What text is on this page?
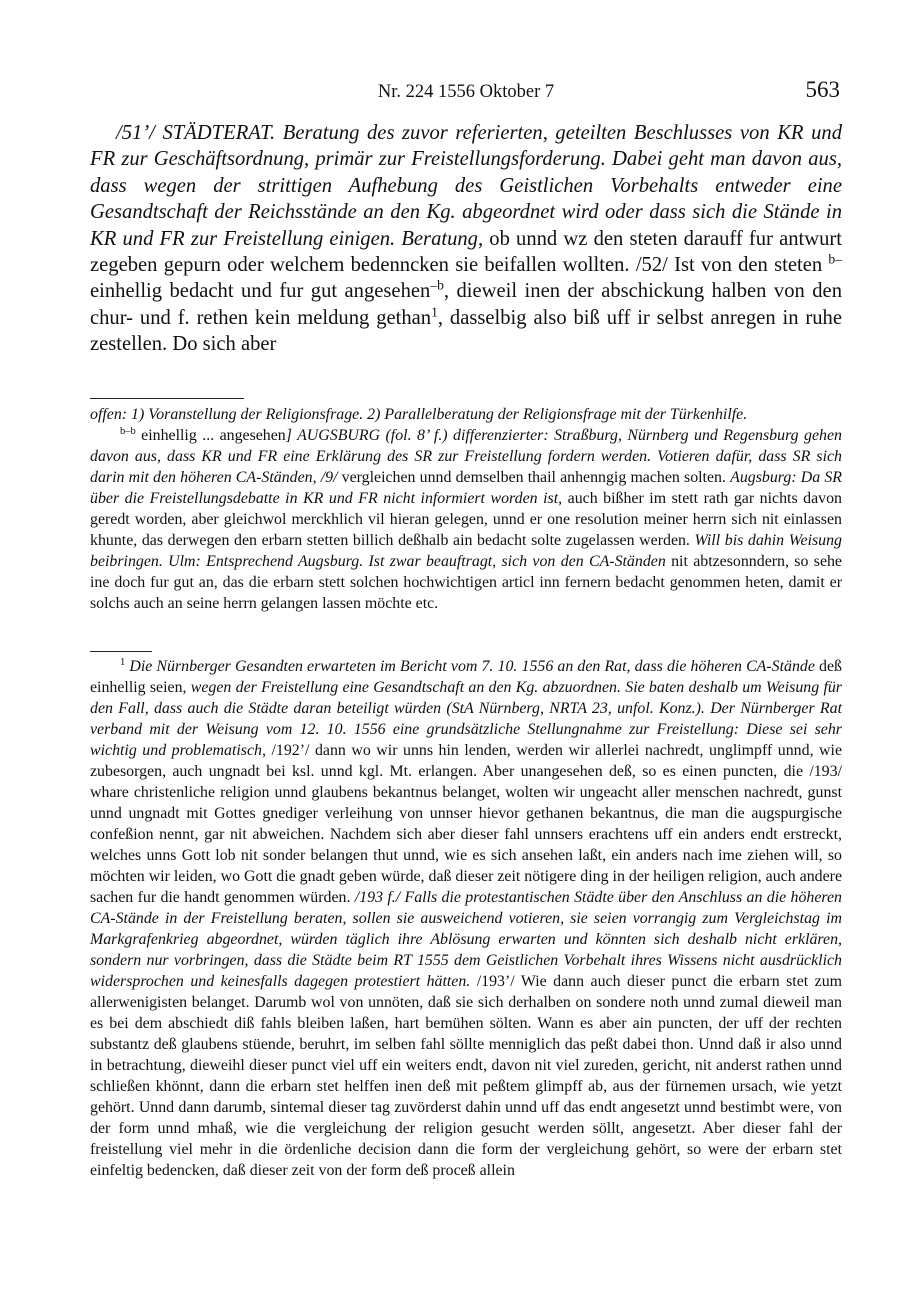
Nr. 224 1556 Oktober 7	563

/51’/ STÄDTERAT. Beratung des zuvor referierten, geteilten Beschlusses von KR und FR zur Geschäftsordnung, primär zur Freistellungsforderung. Dabei geht man davon aus, dass wegen der strittigen Aufhebung des Geistlichen Vorbehalts entweder eine Gesandtschaft der Reichsstände an den Kg. abgeordnet wird oder dass sich die Stände in KR und FR zur Freistellung einigen. Beratung, ob unnd wz den steten darauff fur antwurt zegeben gepurn oder welchem bedenncken sie beifallen wollten. /52/ Ist von den steten $^{b-}$einhellig bedacht und fur gut angesehen$^{-b}$, dieweil inen der abschickung halben von den chur- und f. rethen kein meldung gethan$^1$, dasselbig also biß uff ir selbst anregen in ruhe zestellen. Do sich aber

offen: 1) Voranstellung der Religionsfrage. 2) Parallelberatung der Religionsfrage mit der Türkenhilfe.
$^{b-b}$ einhellig ... angesehen] AUGSBURG (fol. 8’ f.) differenzierter: Straßburg, Nürnberg und Regensburg gehen davon aus, dass KR und FR eine Erklärung des SR zur Freistellung fordern werden. Votieren dafür, dass SR sich darin mit den höheren CA-Ständen, /9/ vergleichen unnd demselben thail anhenngig machen solten. Augsburg: Da SR über die Freistellungsdebatte in KR und FR nicht informiert worden ist, auch bißher im stett rath gar nichts davon geredt worden, aber gleichwol merckhlich vil hieran gelegen, unnd er one resolution meiner herrn sich nit einlassen khunte, das derwegen den erbarn stetten billich deßhalb ain bedacht solte zugelassen werden. Will bis dahin Weisung beibringen. Ulm: Entsprechend Augsburg. Ist zwar beauftragt, sich von den CA-Ständen nit abtzesonndern, so sehe ine doch fur gut an, das die erbarn stett solchen hochwichtigen articl inn fernern bedacht genommen heten, damit er solchs auch an seine herrn gelangen lassen möchte etc.

$^1$ Die Nürnberger Gesandten erwarteten im Bericht vom 7. 10. 1556 an den Rat, dass die höheren CA-Stände deß einhellig seien, wegen der Freistellung eine Gesandtschaft an den Kg. abzuordnen. Sie baten deshalb um Weisung für den Fall, dass auch die Städte daran beteiligt würden (StA Nürnberg, NRTA 23, unfol. Konz.). Der Nürnberger Rat verband mit der Weisung vom 12. 10. 1556 eine grundsätzliche Stellungnahme zur Freistellung: Diese sei sehr wichtig und problematisch, /192’/ dann wo wir unns hin lenden, werden wir allerlei nachredt, unglimpff unnd, wie zubesorgen, auch ungnadt bei ksl. unnd kgl. Mt. erlangen. Aber unangesehen deß, so es einen puncten, die /193/ whare christenliche religion unnd glaubens bekantnus belanget, wolten wir ungeacht aller menschen nachredt, gunst unnd ungnadt mit Gottes gnediger verleihung von unnser hievor gethanen bekantnus, die man die augspurgische confeßion nennt, gar nit abweichen. Nachdem sich aber dieser fahl unnsers erachtens uff ein anders endt erstreckt, welches unns Gott lob nit sonder belangen thut unnd, wie es sich ansehen laßt, ein anders nach ime ziehen will, so möchten wir leiden, wo Gott die gnadt geben würde, daß dieser zeit nötigere ding in der heiligen religion, auch andere sachen fur die handt genommen würden. /193 f./ Falls die protestantischen Städte über den Anschluss an die höheren CA-Stände in der Freistellung beraten, sollen sie ausweichend votieren, sie seien vorrangig zum Vergleichstag im Markgrafenkrieg abgeordnet, würden täglich ihre Ablösung erwarten und könnten sich deshalb nicht erklären, sondern nur vorbringen, dass die Städte beim RT 1555 dem Geistlichen Vorbehalt ihres Wissens nicht ausdrücklich widersprochen und keinesfalls dagegen protestiert hätten. /193’/ Wie dann auch dieser punct die erbarn stet zum allerwenigisten belanget. Darumb wol von unnöten, daß sie sich derhalben on sondere noth unnd zumal dieweil man es bei dem abschiedt diß fahls bleiben laßen, hart bemühen sölten. Wann es aber ain puncten, der uff der rechten substantz deß glaubens stüende, beruhrt, im selben fahl söllte menniglich das peßt dabei thon. Unnd daß ir also unnd in betrachtung, dieweihl dieser punct viel uff ein weiters endt, davon nit viel zureden, gericht, nit anderst rathen unnd schließen khönnt, dann die erbarn stet helffen inen deß mit peßtem glimpff ab, aus der fürnemen ursach, wie yetzt gehört. Unnd dann darumb, sintemal dieser tag zuvörderst dahin unnd uff das endt angesetzt unnd bestimbt were, von der form unnd mhaß, wie die vergleichung der religion gesucht werden söllt, angesetzt. Aber dieser fahl der freistellung viel mehr in die ördenliche decision dann die form der vergleichung gehört, so were der erbarn stet einfeltig bedencken, daß dieser zeit von der form deß proceß allein
